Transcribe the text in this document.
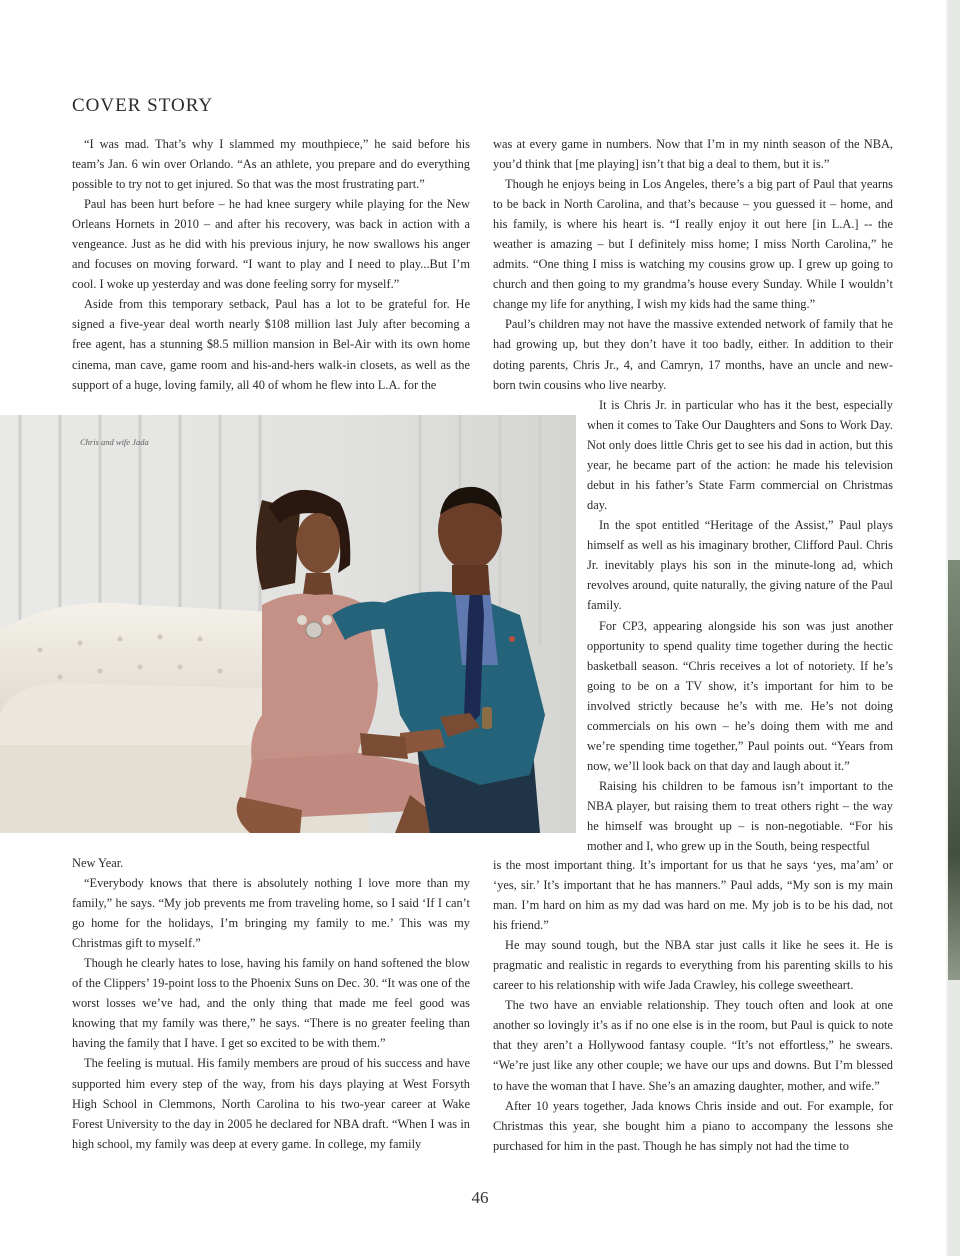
COVER STORY

“I was mad. That’s why I slammed my mouthpiece,” he said before his team’s Jan. 6 win over Orlando. “As an athlete, you prepare and do everything possible to try not to get injured. So that was the most frustrating part.”

Paul has been hurt before – he had knee surgery while playing for the New Orleans Hornets in 2010 – and after his recovery, was back in action with a vengeance. Just as he did with his previous injury, he now swallows his anger and focuses on moving forward. “I want to play and I need to play...But I’m cool. I woke up yesterday and was done feeling sorry for myself.”

Aside from this temporary setback, Paul has a lot to be grateful for. He signed a five-year deal worth nearly $108 million last July after becoming a free agent, has a stunning $8.5 million mansion in Bel-Air with its own home cinema, man cave, game room and his-and-hers walk-in closets, as well as the support of a huge, loving family, all 40 of whom he flew into L.A. for the

was at every game in numbers. Now that I’m in my ninth season of the NBA, you’d think that [me playing] isn’t that big a deal to them, but it is.”

Though he enjoys being in Los Angeles, there’s a big part of Paul that yearns to be back in North Carolina, and that’s because – you guessed it – home, and his family, is where his heart is. “I really enjoy it out here [in L.A.] -- the weather is amazing – but I definitely miss home; I miss North Carolina,” he admits. “One thing I miss is watching my cousins grow up. I grew up going to church and then going to my grandma’s house every Sunday. While I wouldn’t change my life for anything, I wish my kids had the same thing.”

Paul’s children may not have the massive extended network of family that he had growing up, but they don’t have it too badly, either. In addition to their doting parents, Chris Jr., 4, and Camryn, 17 months, have an uncle and new-born twin cousins who live nearby.

It is Chris Jr. in particular who has it the best, especially when it comes to Take Our Daughters and Sons to Work Day. Not only does little Chris get to see his dad in action, but this year, he became part of the action: he made his television debut in his father’s State Farm commercial on Christmas day.

In the spot entitled “Heritage of the Assist,” Paul plays himself as well as his imaginary brother, Clifford Paul. Chris Jr. inevitably plays his son in the minute-long ad, which revolves around, quite naturally, the giving nature of the Paul family.

For CP3, appearing alongside his son was just another opportunity to spend quality time together during the hectic basketball season. “Chris receives a lot of notoriety. If he’s going to be on a TV show, it’s important for him to be involved strictly because he’s with me. He’s not doing commercials on his own – he’s doing them with me and we’re spending time together,” Paul points out. “Years from now, we’ll look back on that day and laugh about it.”

Raising his children to be famous isn’t important to the NBA player, but raising them to treat others right – the way he himself was brought up – is non-negotiable. “For his mother and I, who grew up in the South, being respectful

Chris and wife Jada

New Year.

“Everybody knows that there is absolutely nothing I love more than my family,” he says. “My job prevents me from traveling home, so I said ‘If I can’t go home for the holidays, I’m bringing my family to me.’ This was my Christmas gift to myself.”

Though he clearly hates to lose, having his family on hand softened the blow of the Clippers’ 19-point loss to the Phoenix Suns on Dec. 30. “It was one of the worst losses we’ve had, and the only thing that made me feel good was knowing that my family was there,” he says. “There is no greater feeling than having the family that I have. I get so excited to be with them.”

The feeling is mutual. His family members are proud of his success and have supported him every step of the way, from his days playing at West Forsyth High School in Clemmons, North Carolina to his two-year career at Wake Forest University to the day in 2005 he declared for NBA draft. “When I was in high school, my family was deep at every game. In college, my family

is the most important thing. It’s important for us that he says ‘yes, ma’am’ or ‘yes, sir.’ It’s important that he has manners.” Paul adds, “My son is my main man. I’m hard on him as my dad was hard on me. My job is to be his dad, not his friend.”

He may sound tough, but the NBA star just calls it like he sees it. He is pragmatic and realistic in regards to everything from his parenting skills to his career to his relationship with wife Jada Crawley, his college sweetheart.

The two have an enviable relationship. They touch often and look at one another so lovingly it’s as if no one else is in the room, but Paul is quick to note that they aren’t a Hollywood fantasy couple. “It’s not effortless,” he swears. “We’re just like any other couple; we have our ups and downs. But I’m blessed to have the woman that I have. She’s an amazing daughter, mother, and wife.”

After 10 years together, Jada knows Chris inside and out. For example, for Christmas this year, she bought him a piano to accompany the lessons she purchased for him in the past. Though he has simply not had the time to

46
